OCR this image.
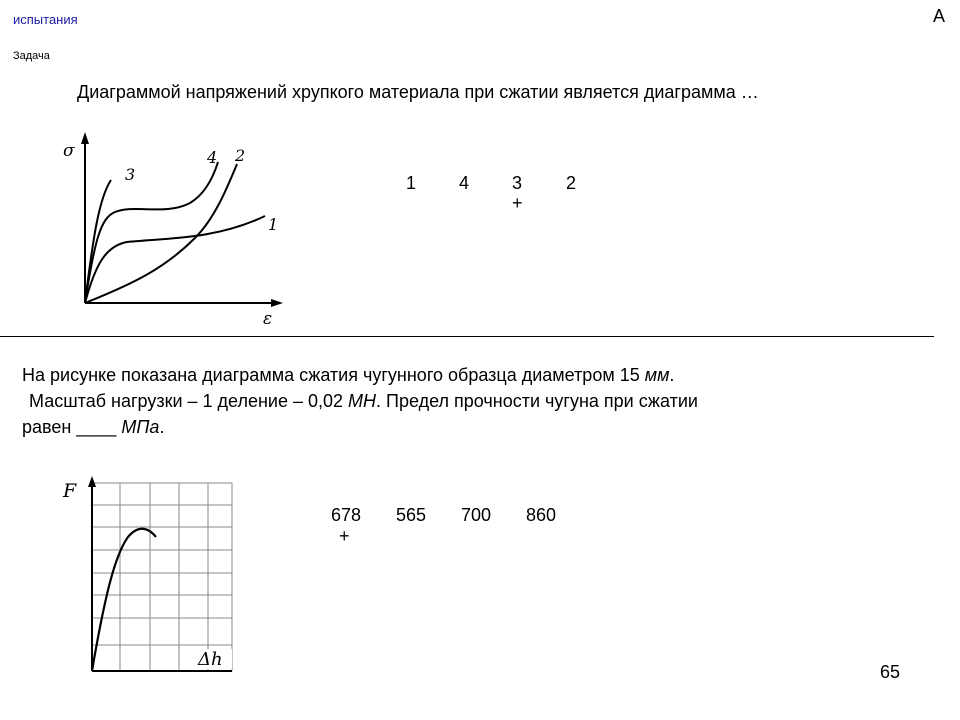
испытания
Задача
А
Диаграммой напряжений хрупкого материала при сжатии является диаграмма …
σ
ε
3
4 2
1
1 4 3 2
+
На рисунке показана диаграмма сжатия чугунного образца диаметром 15 мм.
Масштаб нагрузки – 1 деление – 0,02 МН. Предел прочности чугуна при сжатии
равен ____ МПа.
F
Δh
678 565 700 860
+
65
